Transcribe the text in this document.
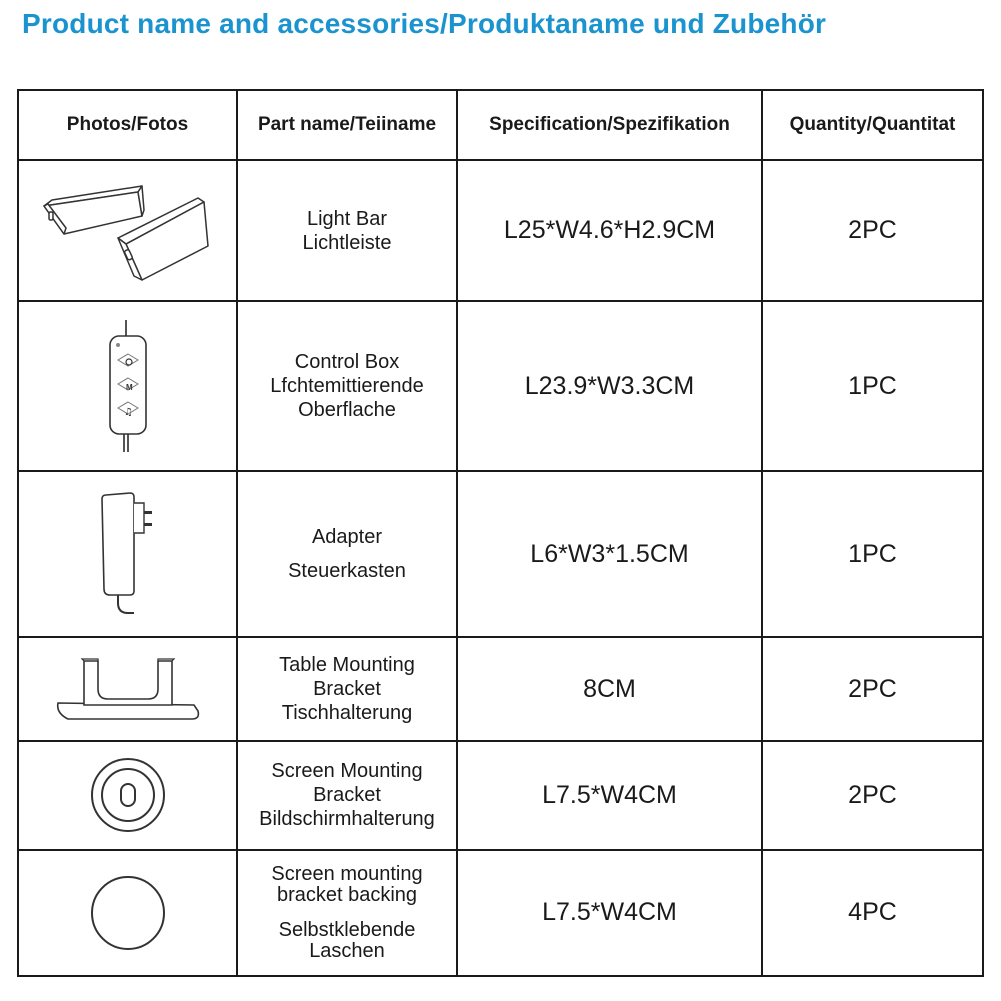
Product name and accessories/Produktaname und Zubehör
Photos/Fotos	Part name/Teiiname	Specification/Spezifikation	Quantity/Quantitat

Light Bar
Lichtleiste	L25*W4.6*H2.9CM	2PC

M
♫	Control Box
Lfchtemittierende
Oberflache	L23.9*W3.3CM	1PC

Adapter
Steuerkasten	L6*W3*1.5CM	1PC

Table Mounting
Bracket
Tischhalterung	8CM	2PC

Screen Mounting
Bracket
Bildschirmhalterung	L7.5*W4CM	2PC

Screen mounting
bracket backing
Selbstklebende
Laschen	L7.5*W4CM	4PC
